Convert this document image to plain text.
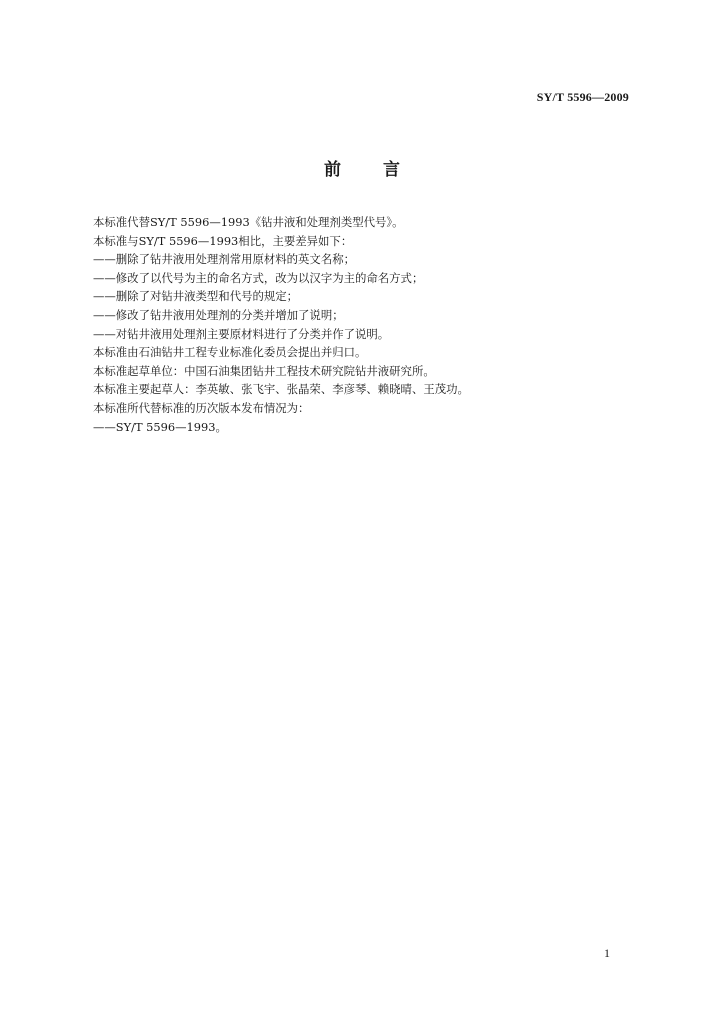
SY/T 5596—2009
前 言
本标准代替SY/T 5596—1993《钻井液和处理剂类型代号》。
本标准与SY/T 5596—1993相比，主要差异如下：
——删除了钻井液用处理剂常用原材料的英文名称；
——修改了以代号为主的命名方式，改为以汉字为主的命名方式；
——删除了对钻井液类型和代号的规定；
——修改了钻井液用处理剂的分类并增加了说明；
——对钻井液用处理剂主要原材料进行了分类并作了说明。
本标准由石油钻井工程专业标准化委员会提出并归口。
本标准起草单位：中国石油集团钻井工程技术研究院钻井液研究所。
本标准主要起草人：李英敏、张飞宇、张晶荣、李彦琴、赖晓晴、王茂功。
本标准所代替标准的历次版本发布情况为：
——SY/T 5596—1993。
1
